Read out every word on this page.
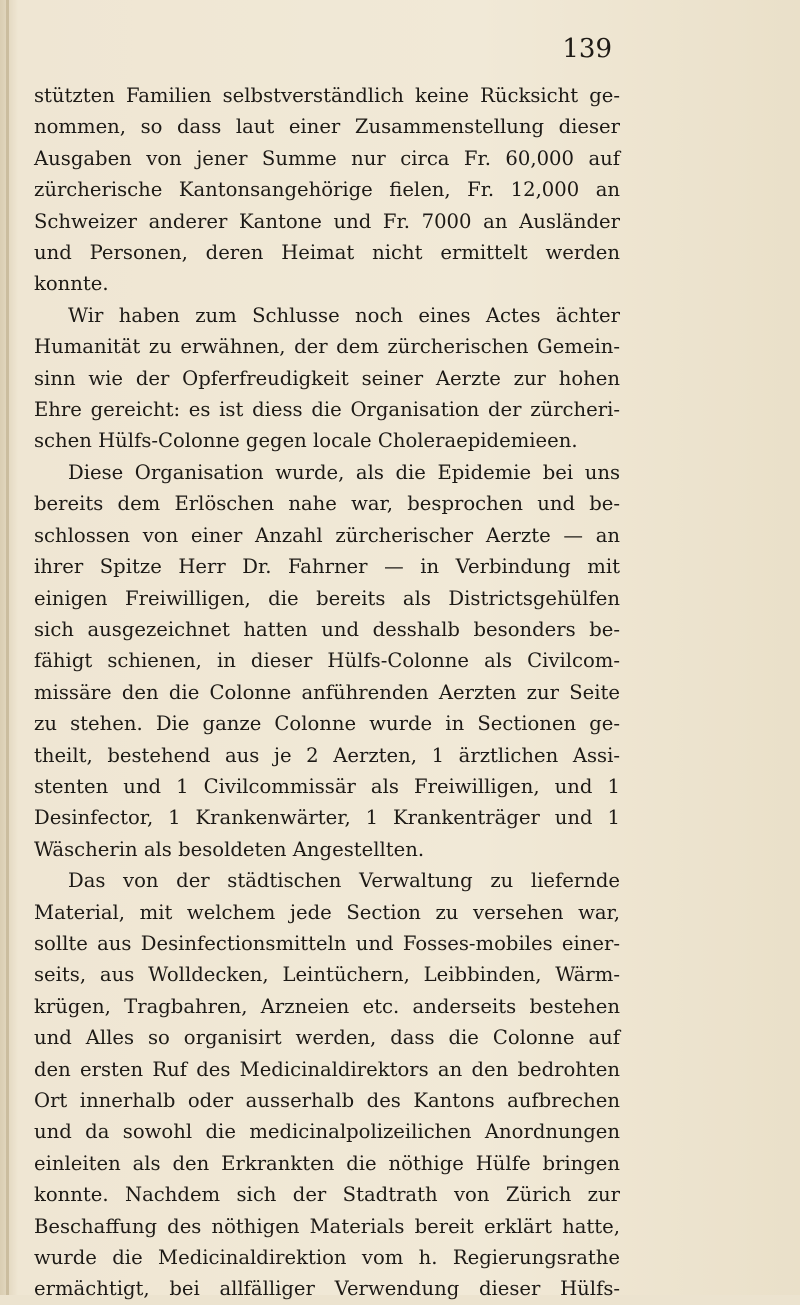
139
stützten Familien selbstverständlich keine Rücksicht ge-
nommen, so dass laut einer Zusammenstellung dieser
Ausgaben von jener Summe nur circa Fr. 60,000 auf
zürcherische Kantonsangehörige fielen, Fr. 12,000 an
Schweizer anderer Kantone und Fr. 7000 an Ausländer
und Personen, deren Heimat nicht ermittelt werden
konnte.
Wir haben zum Schlusse noch eines Actes ächter
Humanität zu erwähnen, der dem zürcherischen Gemein-
sinn wie der Opferfreudigkeit seiner Aerzte zur hohen
Ehre gereicht: es ist diess die Organisation der zürcheri-
schen Hülfs-Colonne gegen locale Choleraepidemieen.
Diese Organisation wurde, als die Epidemie bei uns
bereits dem Erlöschen nahe war, besprochen und be-
schlossen von einer Anzahl zürcherischer Aerzte — an
ihrer Spitze Herr Dr. Fahrner — in Verbindung mit
einigen Freiwilligen, die bereits als Districtsgehülfen
sich ausgezeichnet hatten und desshalb besonders be-
fähigt schienen, in dieser Hülfs-Colonne als Civilcom-
missäre den die Colonne anführenden Aerzten zur Seite
zu stehen. Die ganze Colonne wurde in Sectionen ge-
theilt, bestehend aus je 2 Aerzten, 1 ärztlichen Assi-
stenten und 1 Civilcommissär als Freiwilligen, und 1
Desinfector, 1 Krankenwärter, 1 Krankenträger und 1
Wäscherin als besoldeten Angestellten.
Das von der städtischen Verwaltung zu liefernde
Material, mit welchem jede Section zu versehen war,
sollte aus Desinfectionsmitteln und Fosses-mobiles einer-
seits, aus Wolldecken, Leintüchern, Leibbinden, Wärm-
krügen, Tragbahren, Arzneien etc. anderseits bestehen
und Alles so organisirt werden, dass die Colonne auf
den ersten Ruf des Medicinaldirektors an den bedrohten
Ort innerhalb oder ausserhalb des Kantons aufbrechen
und da sowohl die medicinalpolizeilichen Anordnungen
einleiten als den Erkrankten die nöthige Hülfe bringen
konnte. Nachdem sich der Stadtrath von Zürich zur
Beschaffung des nöthigen Materials bereit erklärt hatte,
wurde die Medicinaldirektion vom h. Regierungsrathe
ermächtigt, bei allfälliger Verwendung dieser Hülfs-
